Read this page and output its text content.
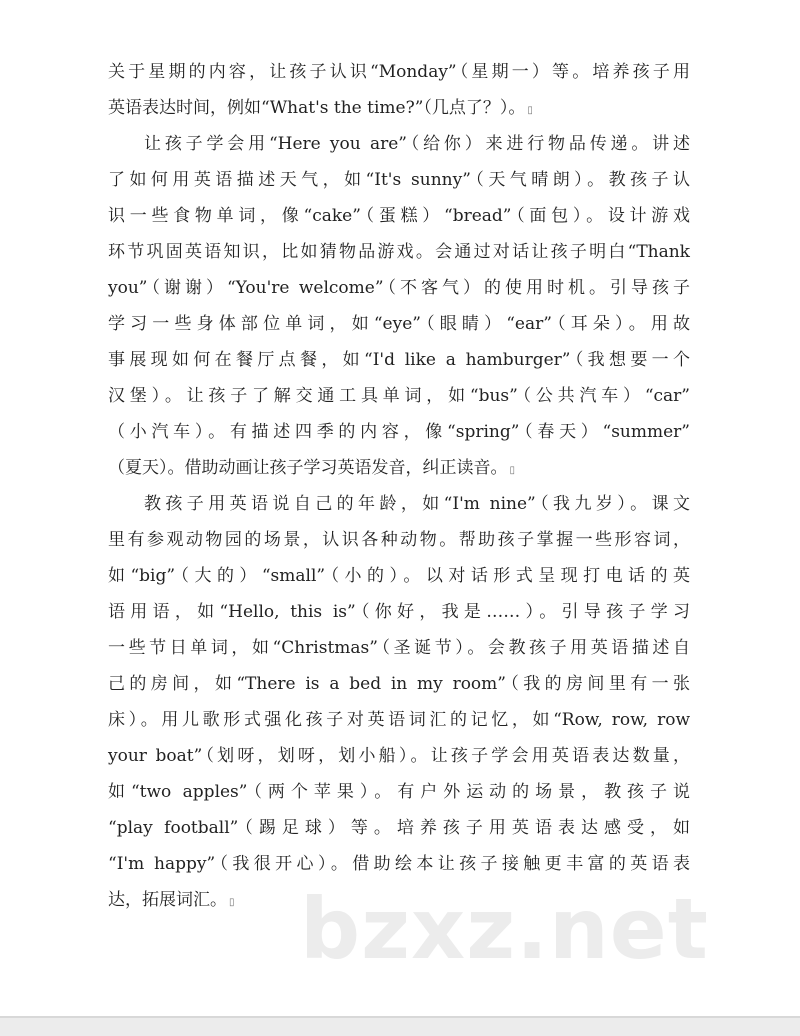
关于星期的内容，让孩子认识“Monday”（星期一）等。培养孩子用
英语表达时间，例如“What's the time?”（几点了？）。 ▯
让孩子学会用“Here you are”（给你）来进行物品传递。讲述
了如何用英语描述天气，如“It's sunny”（天气晴朗）。教孩子认
识一些食物单词，像“cake”（蛋糕）“bread”（面包）。设计游戏
环节巩固英语知识，比如猜物品游戏。会通过对话让孩子明白“Thank
you”（谢谢）“You're welcome”（不客气）的使用时机。引导孩子
学习一些身体部位单词，如“eye”（眼睛）“ear”（耳朵）。用故
事展现如何在餐厅点餐，如“I'd like a hamburger”（我想要一个
汉堡）。让孩子了解交通工具单词，如“bus”（公共汽车）“car”
（小汽车）。有描述四季的内容，像“spring”（春天）“summer”
（夏天）。借助动画让孩子学习英语发音，纠正读音。 ▯
教孩子用英语说自己的年龄，如“I'm nine”（我九岁）。课文
里有参观动物园的场景，认识各种动物。帮助孩子掌握一些形容词，
如“big”（大的）“small”（小的）。以对话形式呈现打电话的英
语用语，如“Hello, this is”（你好，我是……）。引导孩子学习
一些节日单词，如“Christmas”（圣诞节）。会教孩子用英语描述自
己的房间，如“There is a bed in my room”（我的房间里有一张
床）。用儿歌形式强化孩子对英语词汇的记忆，如“Row, row, row
your boat”（划呀，划呀，划小船）。让孩子学会用英语表达数量，
如“two apples”（两个苹果）。有户外运动的场景，教孩子说
“play football”（踢足球）等。培养孩子用英语表达感受，如
“I'm happy”（我很开心）。借助绘本让孩子接触更丰富的英语表
达，拓展词汇。 ▯ bzxz.net
